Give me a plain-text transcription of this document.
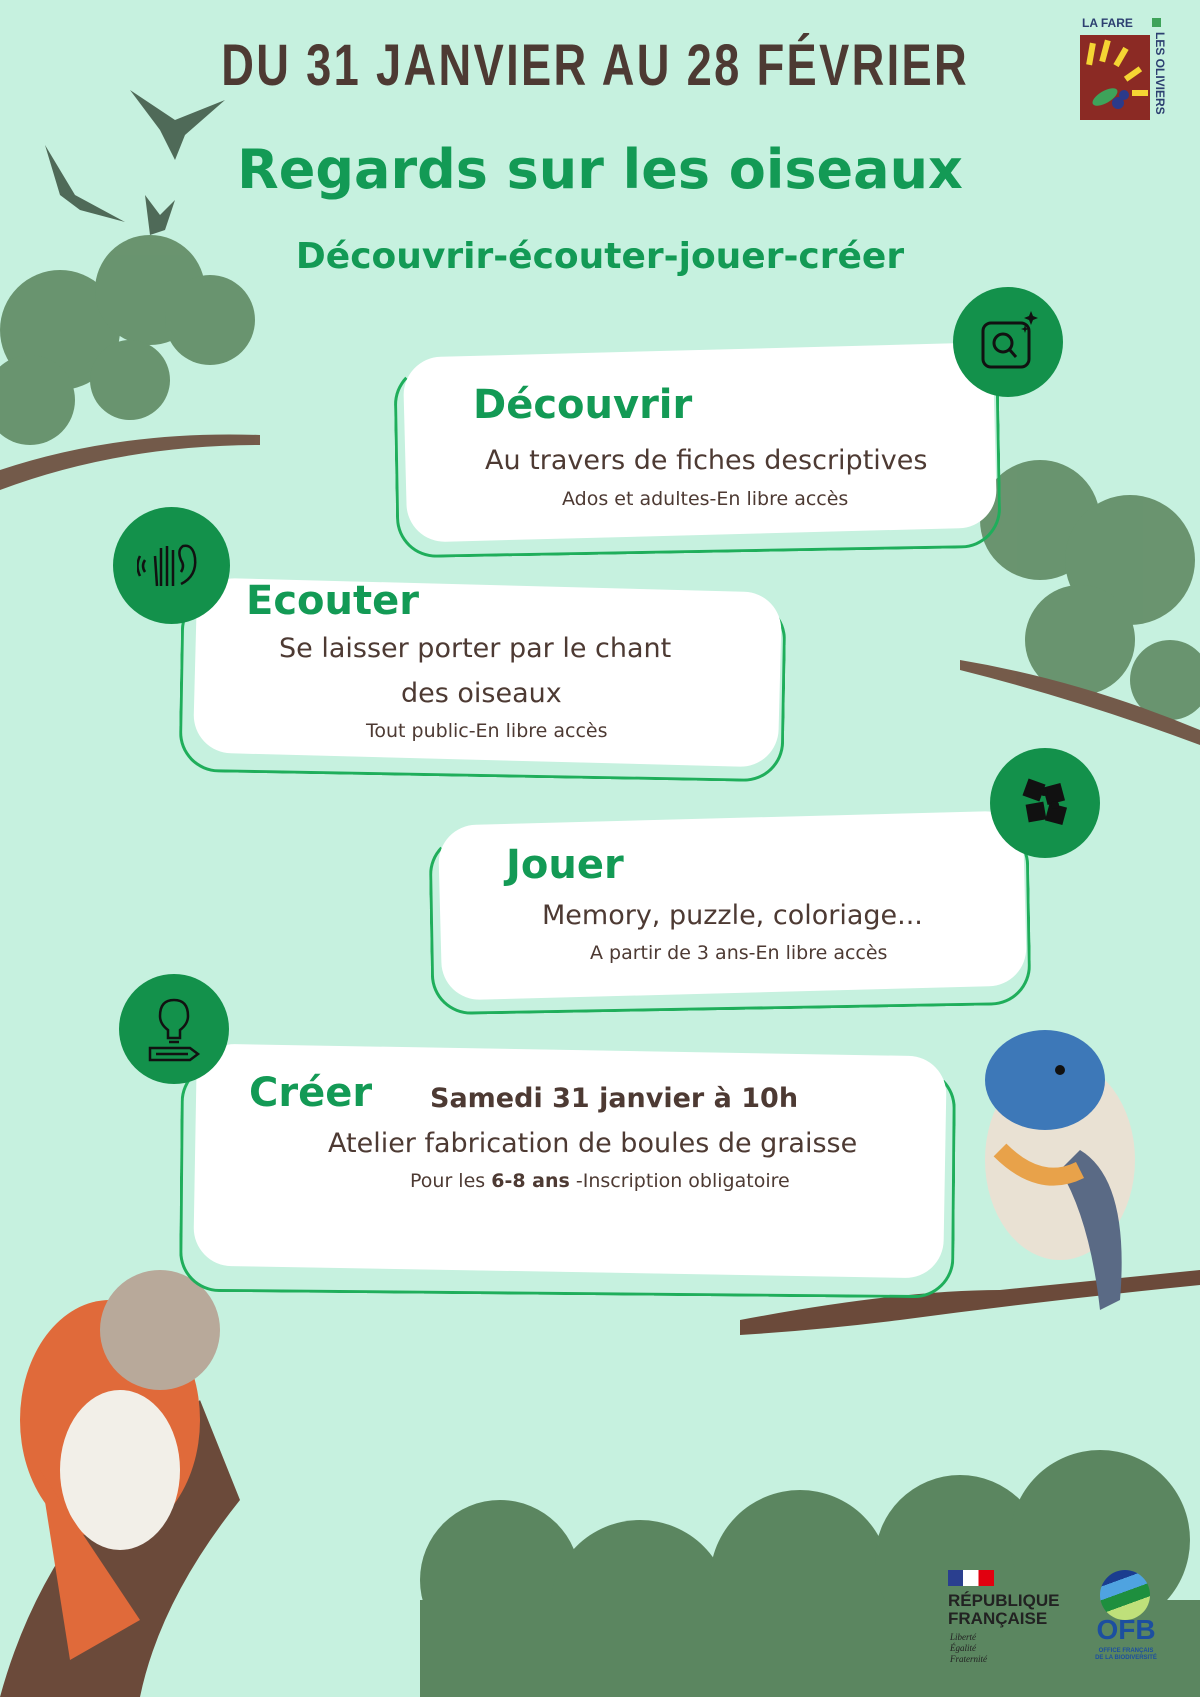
DU 31 JANVIER AU 28 FÉVRIER
Regards sur les oiseaux
Découvrir-écouter-jouer-créer
LA FARE
LES OLIVIERS
Découvrir
Au travers de fiches descriptives
Ados et adultes-En libre accès
Ecouter
Se laisser porter par le chant
des oiseaux
Tout public-En libre accès
Jouer
Memory, puzzle, coloriage...
A partir de 3 ans-En libre accès
Créer Samedi 31 janvier à 10h
Atelier fabrication de boules de graisse
Pour les 6-8 ans -Inscription obligatoire
RÉPUBLIQUE
FRANÇAISE
Liberté
Égalité
Fraternité
OFB
OFFICE FRANÇAIS
DE LA BIODIVERSITÉ
